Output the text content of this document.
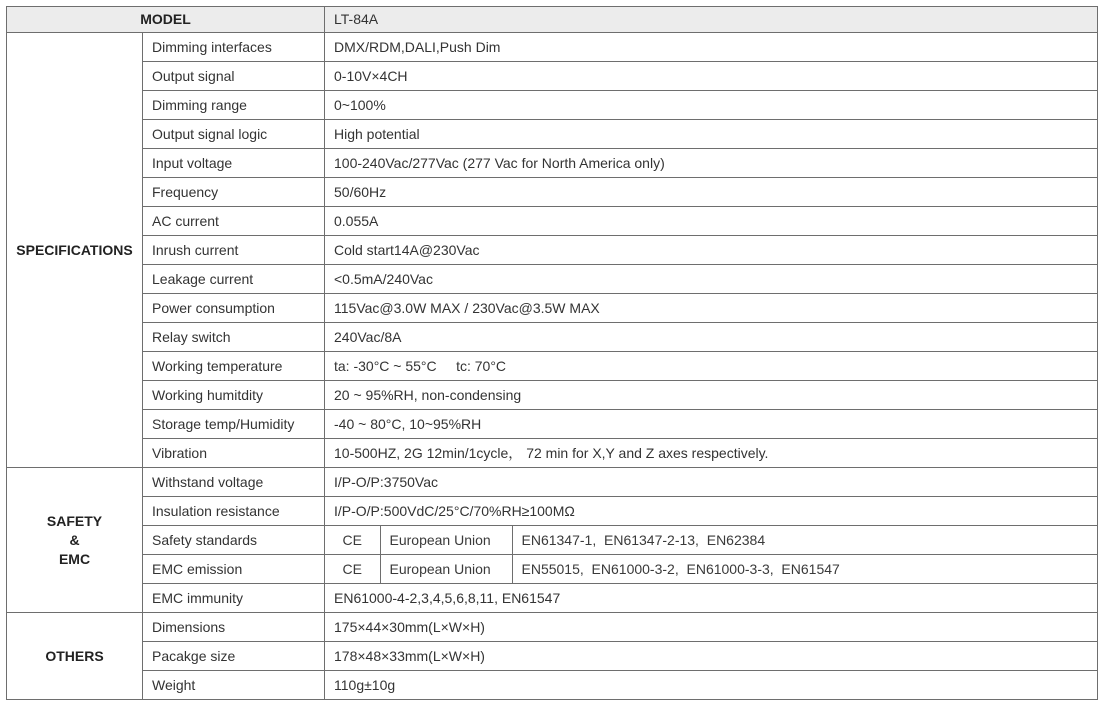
MODEL	LT-84A
SPECIFICATIONS	Dimming interfaces	DMX/RDM,DALI,Push Dim
Output signal	0-10V×4CH
Dimming range	0~100%
Output signal logic	High potential
Input voltage	100-240Vac/277Vac (277 Vac for North America only)
Frequency	50/60Hz
AC current	0.055A
Inrush current	Cold start14A@230Vac
Leakage current	<0.5mA/240Vac
Power consumption	115Vac@3.0W MAX / 230Vac@3.5W MAX
Relay switch	240Vac/8A
Working temperature	ta: -30°C ~ 55°C     tc: 70°C
Working humitdity	20 ~ 95%RH, non-condensing
Storage temp/Humidity	-40 ~ 80°C, 10~95%RH
Vibration	10-500HZ, 2G 12min/1cycle， 72 min for X,Y and Z axes respectively.

SAFETY
&
EMC
	Withstand voltage	I/P-O/P:3750Vac
Insulation resistance	I/P-O/P:500VdC/25°C/70%RH≥100MΩ
Safety standards		CE	European Union	EN61347-1,  EN61347-2-13,  EN62384

EMC emission		CE	European Union	EN55015,  EN61000-3-2,  EN61000-3-3,  EN61547

EMC immunity	EN61000-4-2,3,4,5,6,8,11, EN61547
OTHERS	Dimensions	175×44×30mm(L×W×H)
Pacakge size	178×48×33mm(L×W×H)
Weight	110g±10g
